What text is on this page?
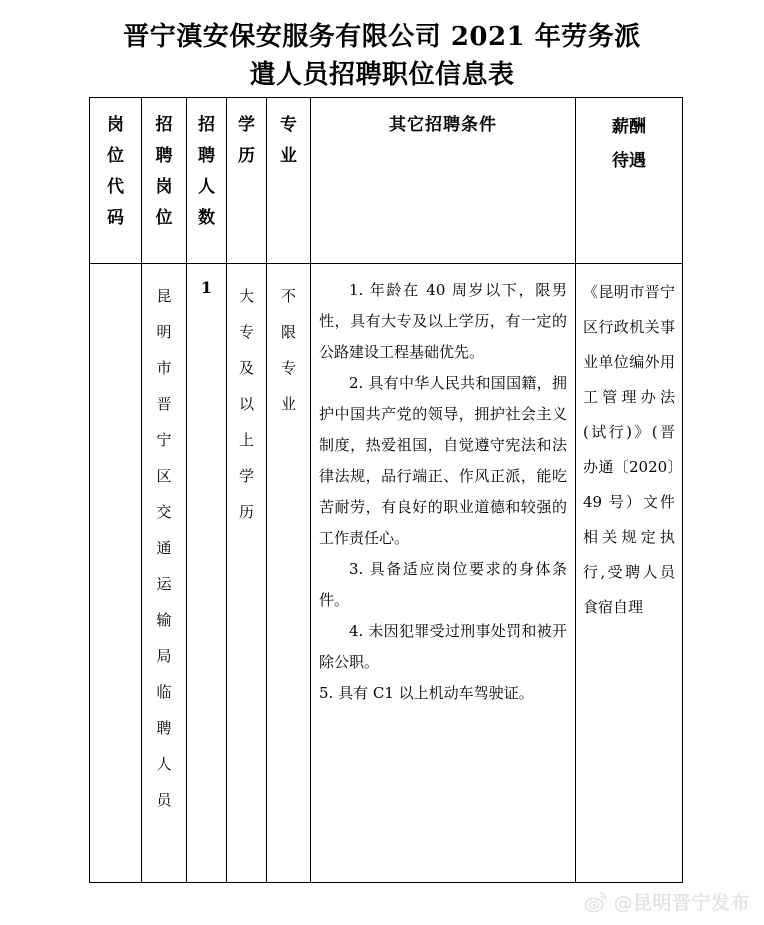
晋宁滇安保安服务有限公司 2021 年劳务派
遣人员招聘职位信息表
岗位代码	招聘岗位	招聘人数	学历	专业	其它招聘条件	薪酬待遇
	昆明市晋宁区交通运输局临聘人员	1	大专及以上学历	不限专业	1. 年龄在 40 周岁以下，限男性，具有大专及以上学历，有一定的公路建设工程基础优先。

2. 具有中华人民共和国国籍，拥护中国共产党的领导，拥护社会主义制度，热爱祖国，自觉遵守宪法和法律法规，品行端正、作风正派，能吃苦耐劳，有良好的职业道德和较强的工作责任心。

3. 具备适应岗位要求的身体条件。

4. 未因犯罪受过刑事处罚和被开除公职。

5. 具有 C1 以上机动车驾驶证。	《昆明市晋宁区行政机关事业单位编外用工管理办法(试行)》(晋办通〔2020〕49 号）文件相关规定执行,受聘人员食宿自理
@昆明晋宁发布
